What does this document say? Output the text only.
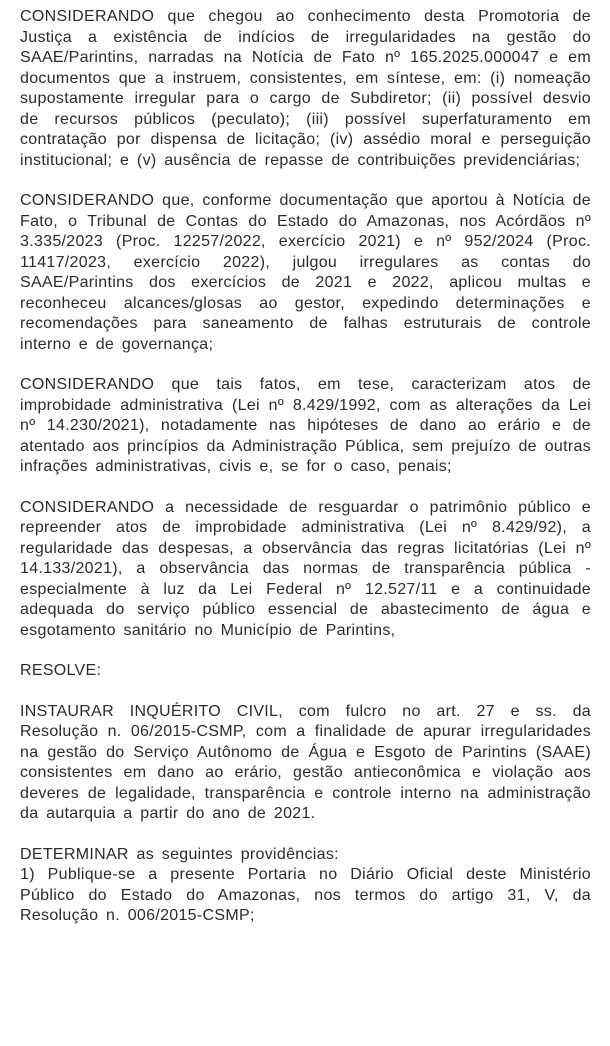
CONSIDERANDO que chegou ao conhecimento desta Promotoria de Justiça a existência de indícios de irregularidades na gestão do SAAE/Parintins, narradas na Notícia de Fato nº 165.2025.000047 e em documentos que a instruem, consistentes, em síntese, em: (i) nomeação supostamente irregular para o cargo de Subdiretor; (ii) possível desvio de recursos públicos (peculato); (iii) possível superfaturamento em contratação por dispensa de licitação; (iv) assédio moral e perseguição institucional; e (v) ausência de repasse de contribuições previdenciárias;

CONSIDERANDO que, conforme documentação que aportou à Notícia de Fato, o Tribunal de Contas do Estado do Amazonas, nos Acórdãos nº 3.335/2023 (Proc. 12257/2022, exercício 2021) e nº 952/2024 (Proc. 11417/2023, exercício 2022), julgou irregulares as contas do SAAE/Parintins dos exercícios de 2021 e 2022, aplicou multas e reconheceu alcances/glosas ao gestor, expedindo determinações e recomendações para saneamento de falhas estruturais de controle interno e de governança;

CONSIDERANDO que tais fatos, em tese, caracterizam atos de improbidade administrativa (Lei nº 8.429/1992, com as alterações da Lei nº 14.230/2021), notadamente nas hipóteses de dano ao erário e de atentado aos princípios da Administração Pública, sem prejuízo de outras infrações administrativas, civis e, se for o caso, penais;

CONSIDERANDO a necessidade de resguardar o patrimônio público e repreender atos de improbidade administrativa (Lei nº 8.429/92), a regularidade das despesas, a observância das regras licitatórias (Lei nº 14.133/2021), a observância das normas de transparência pública - especialmente à luz da Lei Federal nº 12.527/11 e a continuidade adequada do serviço público essencial de abastecimento de água e esgotamento sanitário no Município de Parintins,

RESOLVE:

INSTAURAR INQUÉRITO CIVIL, com fulcro no art. 27 e ss. da Resolução n. 06/2015-CSMP, com a finalidade de apurar irregularidades na gestão do Serviço Autônomo de Água e Esgoto de Parintins (SAAE) consistentes em dano ao erário, gestão antieconômica e violação aos deveres de legalidade, transparência e controle interno na administração da autarquia a partir do ano de 2021.

DETERMINAR as seguintes providências:

1) Publique-se a presente Portaria no Diário Oficial deste Ministério Público do Estado do Amazonas, nos termos do artigo 31, V, da Resolução n. 006/2015-CSMP;
